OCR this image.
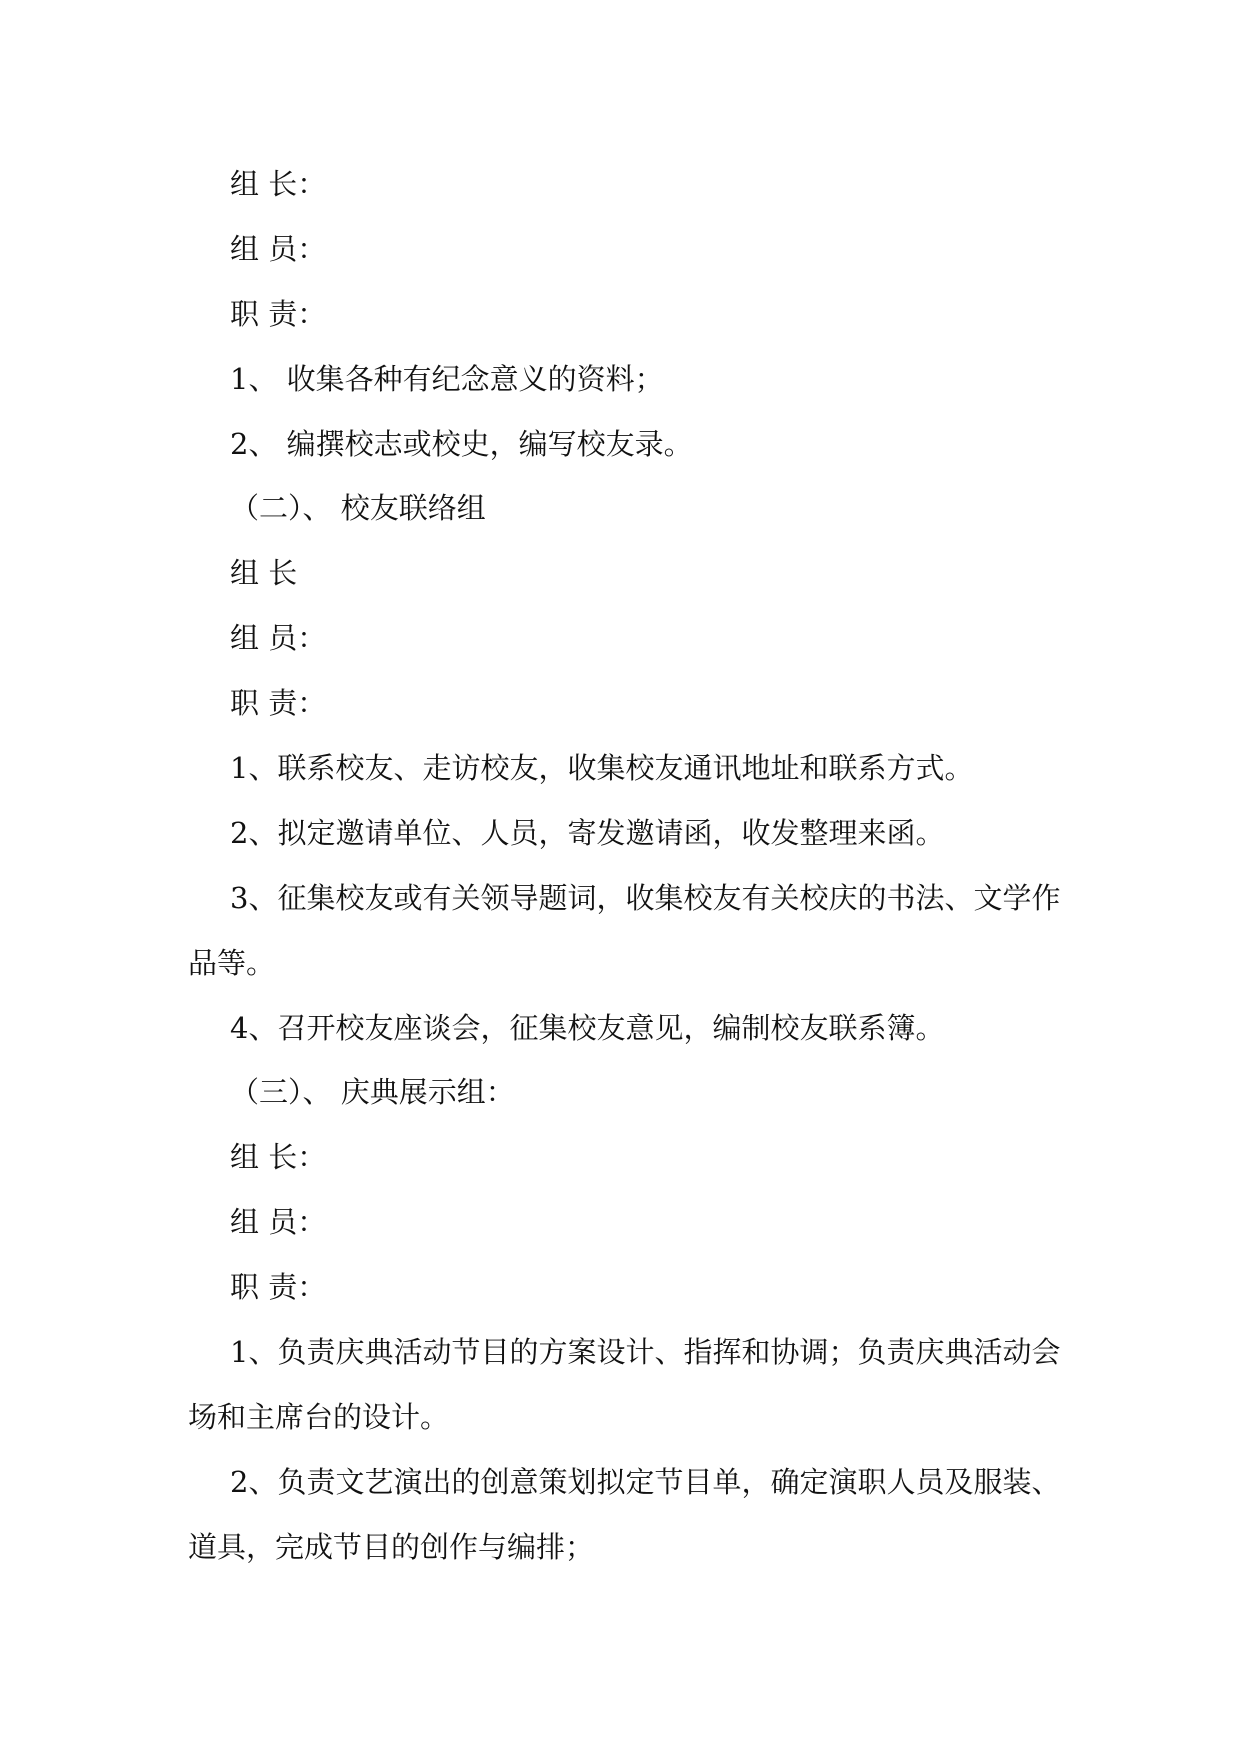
组 长：
组 员：
职 责：
1、 收集各种有纪念意义的资料；
2、 编撰校志或校史，编写校友录。
（二）、 校友联络组
组 长
组 员：
职 责：
1、联系校友、走访校友，收集校友通讯地址和联系方式。
2、拟定邀请单位、人员，寄发邀请函，收发整理来函。
3、征集校友或有关领导题词，收集校友有关校庆的书法、文学作
品等。
4、召开校友座谈会，征集校友意见，编制校友联系簿。
（三）、 庆典展示组：
组 长：
组 员：
职 责：
1、负责庆典活动节目的方案设计、指挥和协调；负责庆典活动会
场和主席台的设计。
2、负责文艺演出的创意策划拟定节目单，确定演职人员及服装、
道具，完成节目的创作与编排；
